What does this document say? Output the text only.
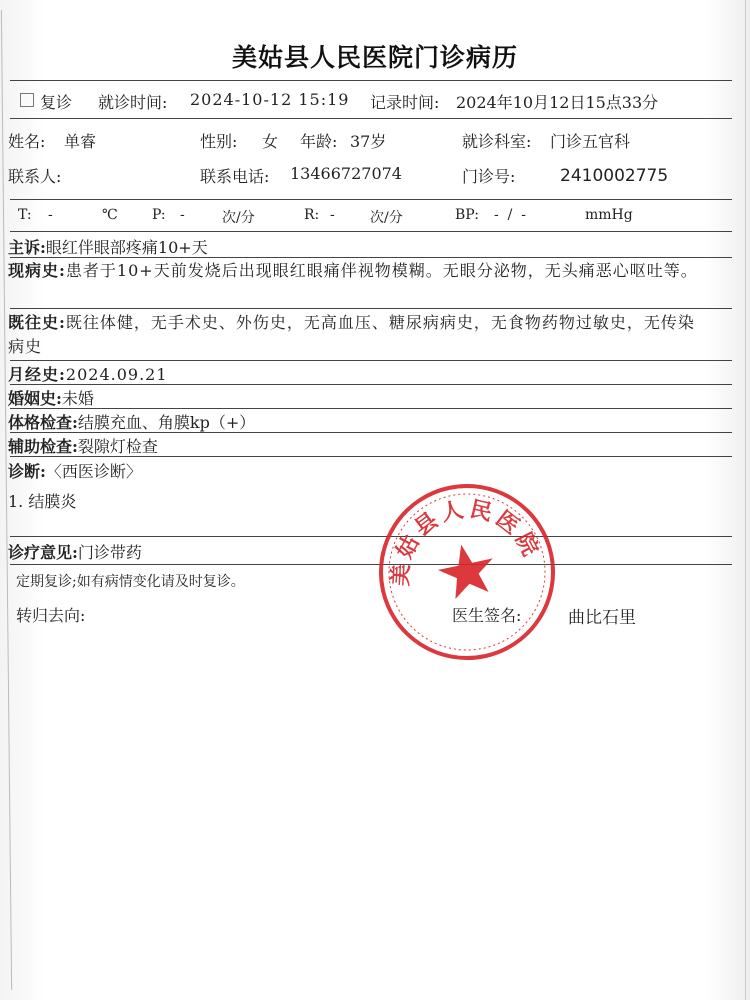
美姑县人民医院门诊病历
复诊 就诊时间: 2024-10-12 15:19 记录时间: 2024年10月12日15点33分
姓名: 单睿	性别: 女 年龄: 37岁	就诊科室: 门诊五官科
联系人:	联系电话: 13466727074	门诊号:	2410002775
T: -	℃ P: -	次/分	R: -	次/分	BP: -  /  -	mmHg
主诉:眼红伴眼部疼痛10+天
现病史:患者于10+天前发烧后出现眼红眼痛伴视物模糊。无眼分泌物，无头痛恶心呕吐等。
既往史:既往体健，无手术史、外伤史，无高血压、糖尿病病史，无食物药物过敏史，无传染病史
月经史:2024.09.21
婚姻史:未婚
体格检查:结膜充血、角膜kp（+）
辅助检查:裂隙灯检查
诊断:〈西医诊断〉
1. 结膜炎
诊疗意见:门诊带药
定期复诊;如有病情变化请及时复诊。
转归去向:	医生签名:	曲比石里
美姑县人民医院
